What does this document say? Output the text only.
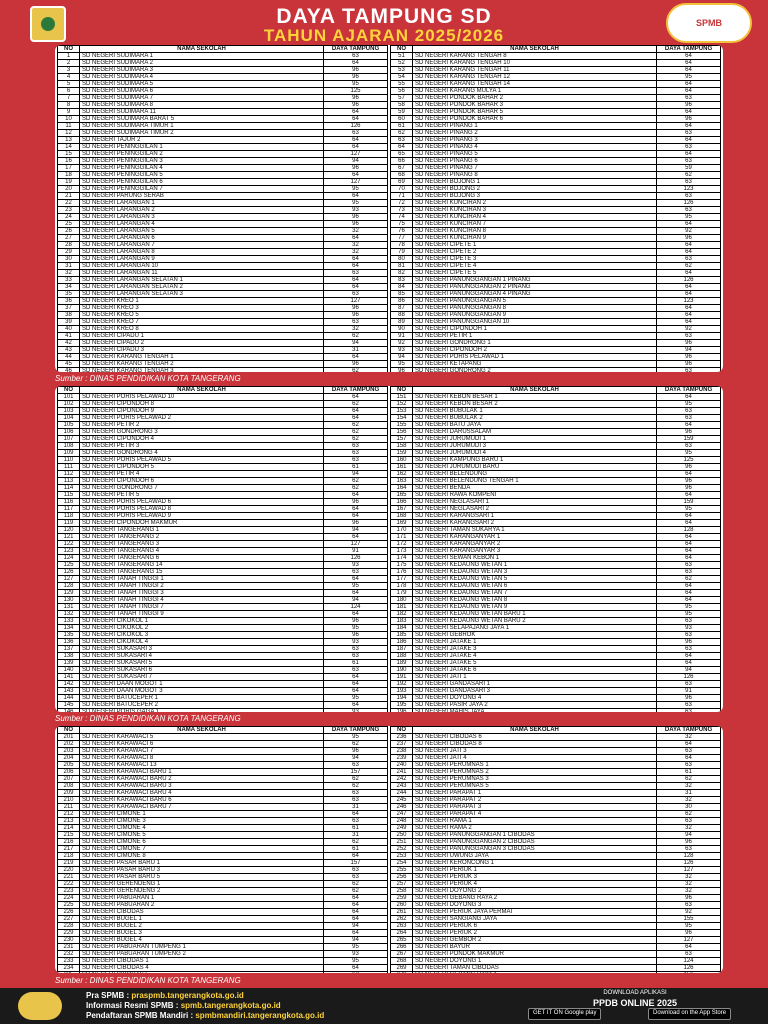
DAYA TAMPUNG SD
TAHUN AJARAN 2025/2026
SPMB
NO	NAMA SEKOLAH	DAYA TAMPUNG
1	SD NEGERI SUDIMARA 1	63
2	SD NEGERI SUDIMARA 2	64
3	SD NEGERI SUDIMARA 3	96
4	SD NEGERI SUDIMARA 4	96
5	SD NEGERI SUDIMARA 5	95
6	SD NEGERI SUDIMARA 6	125
7	SD NEGERI SUDIMARA 7	96
8	SD NEGERI SUDIMARA 8	96
9	SD NEGERI SUDIMARA 11	64
10	SD NEGERI SUDIMARA BARAT 5	64
11	SD NEGERI SUDIMARA TIMUR 1	126
12	SD NEGERI SUDIMARA TIMUR 2	63
13	SD NEGERI TAJUR 2	64
14	SD NEGERI PENINGGILAN 1	64
15	SD NEGERI PENINGGILAN 2	127
16	SD NEGERI PENINGGILAN 3	94
17	SD NEGERI PENINGGILAN 4	96
18	SD NEGERI PENINGGILAN 5	64
19	SD NEGERI PENINGGILAN 6	127
20	SD NEGERI PENINGGILAN 7	95
21	SD NEGERI PARUNG SERAB	64
22	SD NEGERI LARANGAN 1	95
23	SD NEGERI LARANGAN 2	93
24	SD NEGERI LARANGAN 3	96
25	SD NEGERI LARANGAN 4	96
26	SD NEGERI LARANGAN 5	32
27	SD NEGERI LARANGAN 6	64
28	SD NEGERI LARANGAN 7	32
29	SD NEGERI LARANGAN 8	32
30	SD NEGERI LARANGAN 9	64
31	SD NEGERI LARANGAN 10	64
32	SD NEGERI LARANGAN 11	63
33	SD NEGERI LARANGAN SELATAN 1	64
34	SD NEGERI LARANGAN SELATAN 2	64
35	SD NEGERI LARANGAN SELATAN 3	63
36	SD NEGERI KREO 1	127
37	SD NEGERI KREO 3	96
38	SD NEGERI KREO 5	96
39	SD NEGERI KREO 7	63
40	SD NEGERI KREO 8	32
41	SD NEGERI CIPADU 1	62
42	SD NEGERI CIPADU 2	94
43	SD NEGERI CIPADU 3	31
44	SD NEGERI KARANG TENGAH 1	64
45	SD NEGERI KARANG TENGAH 2	96
46	SD NEGERI KARANG TENGAH 3	62

NO	NAMA SEKOLAH	DAYA TAMPUNG
51	SD NEGERI KARANG TENGAH 8	64
52	SD NEGERI KARANG TENGAH 10	64
53	SD NEGERI KARANG TENGAH 11	64
54	SD NEGERI KARANG TENGAH 12	95
55	SD NEGERI KARANG TENGAH 14	64
56	SD NEGERI KARANG MULYA 1	64
57	SD NEGERI PONDOK BAHAR 2	63
58	SD NEGERI PONDOK BAHAR 3	96
59	SD NEGERI PONDOK BAHAR 5	64
60	SD NEGERI PONDOK BAHAR 6	96
61	SD NEGERI PINANG 1	64
62	SD NEGERI PINANG 2	63
63	SD NEGERI PINANG 3	64
64	SD NEGERI PINANG 4	63
65	SD NEGERI PINANG 5	64
66	SD NEGERI PINANG 6	63
67	SD NEGERI PINANG 7	59
68	SD NEGERI PINANG 8	62
69	SD NEGERI BOJONG 1	63
70	SD NEGERI BOJONG 2	123
71	SD NEGERI BOJONG 3	63
72	SD NEGERI KUNCIRAN 2	126
73	SD NEGERI KUNCIRAN 3	63
74	SD NEGERI KUNCIRAN 4	95
75	SD NEGERI KUNCIRAN 7	64
76	SD NEGERI KUNCIRAN 8	92
77	SD NEGERI KUNCIRAN 9	96
78	SD NEGERI CIPETE 1	64
79	SD NEGERI CIPETE 2	64
80	SD NEGERI CIPETE 3	63
81	SD NEGERI CIPETE 4	62
82	SD NEGERI CIPETE 5	64
83	SD NEGERI PANUNGGANGAN 1 PINANG	126
84	SD NEGERI PANUNGGANGAN 2 PINANG	64
85	SD NEGERI PANUNGGANGAN 4 PINANG	64
86	SD NEGERI PANUNGGANGAN 5	123
87	SD NEGERI PANUNGGANGAN 8	64
88	SD NEGERI PANUNGGANGAN 9	64
89	SD NEGERI PANUNGGANGAN 10	64
90	SD NEGERI CIPONDOH 1	92
91	SD NEGERI PETIR 1	63
92	SD NEGERI GONDRONG 1	96
93	SD NEGERI CIPONDOH 2	94
94	SD NEGERI PORIS PELAWAD 1	96
95	SD NEGERI KETAPANG	96
96	SD NEGERI GONDRONG 2	63

Sumber : DINAS PENDIDIKAN KOTA TANGERANG
NO	NAMA SEKOLAH	DAYA TAMPUNG
101	SD NEGERI PORIS PELAWAD 10	64
102	SD NEGERI CIPONDOH 8	62
103	SD NEGERI CIPONDOH 9	64
104	SD NEGERI PORIS PELAWAD 2	64
105	SD NEGERI PETIR 2	62
106	SD NEGERI GONDRONG 3	62
107	SD NEGERI CIPONDOH 4	62
108	SD NEGERI PETIR 3	63
109	SD NEGERI GONDRONG 4	63
110	SD NEGERI PORIS PELAWAD 5	63
111	SD NEGERI CIPONDOH 5	61
112	SD NEGERI PETIR 4	94
113	SD NEGERI CIPONDOH 6	62
114	SD NEGERI GONDRONG 7	62
115	SD NEGERI PETIR 5	64
116	SD NEGERI PORIS PELAWAD 6	96
117	SD NEGERI PORIS PELAWAD 8	64
118	SD NEGERI PORIS PELAWAD 9	64
119	SD NEGERI CIPONDOH MAKMUR	96
120	SD NEGERI TANGERANG 1	94
121	SD NEGERI TANGERANG 2	64
122	SD NEGERI TANGERANG 3	127
123	SD NEGERI TANGERANG 4	91
124	SD NEGERI TANGERANG 6	126
125	SD NEGERI TANGERANG 14	93
126	SD NEGERI TANGERANG 15	63
127	SD NEGERI TANAH TINGGI 1	64
128	SD NEGERI TANAH TINGGI 2	95
129	SD NEGERI TANAH TINGGI 3	64
130	SD NEGERI TANAH TINGGI 4	94
131	SD NEGERI TANAH TINGGI 7	124
132	SD NEGERI TANAH TINGGI 9	64
133	SD NEGERI CIKOKOL 1	96
134	SD NEGERI CIKOKOL 2	95
135	SD NEGERI CIKOKOL 3	96
136	SD NEGERI CIKOKOL 4	93
137	SD NEGERI SUKASARI 3	63
138	SD NEGERI SUKASARI 4	63
139	SD NEGERI SUKASARI 5	61
140	SD NEGERI SUKASARI 6	63
141	SD NEGERI SUKASARI 7	64
142	SD NEGERI DAAN MOGOT 1	64
143	SD NEGERI DAAN MOGOT 3	64
144	SD NEGERI BATUCEPER 1	95
145	SD NEGERI BATUCEPER 2	64
146	SD NEGERI PORIS GAGA 1	93

NO	NAMA SEKOLAH	DAYA TAMPUNG
151	SD NEGERI KEBON BESAR 1	64
152	SD NEGERI KEBON BESAR 2	95
153	SD NEGERI BUBULAK 1	63
154	SD NEGERI BUBULAK 2	63
155	SD NEGERI BATU JAYA	64
156	SD NEGERI DARUSSALAM	96
157	SD NEGERI JURUMUDI 1	159
158	SD NEGERI JURUMUDI 3	63
159	SD NEGERI JURUMUDI 4	95
160	SD NEGERI KAMPUNG BARU 1	125
161	SD NEGERI JURUMUDI BARU	96
162	SD NEGERI BELENDUNG	64
163	SD NEGERI BELENDUNG TENGAH 1	96
164	SD NEGERI BENDA	96
165	SD NEGERI RAWA KOMPENI	64
166	SD NEGERI NEGLASARI 1	159
167	SD NEGERI NEGLASARI 2	95
168	SD NEGERI KARANGSARI 1	64
169	SD NEGERI KARANGSARI 2	64
170	SD NEGERI TAMAN SUKARYA 1	128
171	SD NEGERI KARANGANYAR 1	64
172	SD NEGERI KARANGANYAR 2	64
173	SD NEGERI KARANGANYAR 3	64
174	SD NEGERI SEWAN KEBON 1	64
175	SD NEGERI KEDAUNG WETAN 1	63
176	SD NEGERI KEDAUNG WETAN 3	63
177	SD NEGERI KEDAUNG WETAN 5	62
178	SD NEGERI KEDAUNG WETAN 6	64
179	SD NEGERI KEDAUNG WETAN 7	64
180	SD NEGERI KEDAUNG WETAN 8	64
181	SD NEGERI KEDAUNG WETAN 9	95
182	SD NEGERI KEDAUNG WETAN BARU 1	95
183	SD NEGERI KEDAUNG WETAN BARU 2	63
184	SD NEGERI SELAPAJANG JAYA 1	93
185	SD NEGERI GEBROK	63
186	SD NEGERI JATAKE 1	96
187	SD NEGERI JATAKE 3	63
188	SD NEGERI JATAKE 4	64
189	SD NEGERI JATAKE 5	64
190	SD NEGERI JATAKE 6	94
191	SD NEGERI JATI 1	126
192	SD NEGERI GANDASARI 1	63
193	SD NEGERI GANDASARI 3	91
194	SD NEGERI DOYONG 4	96
195	SD NEGERI PASIR JAYA 2	63
196	SD NEGERI MAHIS JAYA	63

Sumber : DINAS PENDIDIKAN KOTA TANGERANG
NO	NAMA SEKOLAH	DAYA TAMPUNG
201	SD NEGERI KARAWACI 5	95
202	SD NEGERI KARAWACI 6	62
203	SD NEGERI KARAWACI 7	96
204	SD NEGERI KARAWACI 8	94
205	SD NEGERI KARAWACI 13	63
206	SD NEGERI KARAWACI BARU 1	157
207	SD NEGERI KARAWACI BARU 2	62
208	SD NEGERI KARAWACI BARU 3	62
209	SD NEGERI KARAWACI BARU 4	63
210	SD NEGERI KARAWACI BARU 6	63
211	SD NEGERI KARAWACI BARU 7	31
212	SD NEGERI CIMONE 1	64
213	SD NEGERI CIMONE 3	63
214	SD NEGERI CIMONE 4	61
215	SD NEGERI CIMONE 5	31
216	SD NEGERI CIMONE 6	62
217	SD NEGERI CIMONE 7	61
218	SD NEGERI CIMONE 8	64
219	SD NEGERI PASAR BARU 1	157
220	SD NEGERI PASAR BARU 3	63
221	SD NEGERI PASAR BARU 5	63
222	SD NEGERI GERENDENG 1	62
223	SD NEGERI GERENDENG 2	62
224	SD NEGERI PABUARAN 1	64
225	SD NEGERI PABUARAN 2	64
226	SD NEGERI CIBODAS	64
227	SD NEGERI BUGEL 1	64
228	SD NEGERI BUGEL 2	94
229	SD NEGERI BUGEL 3	64
230	SD NEGERI BUGEL 4	94
231	SD NEGERI PABUARAN TUMPENG 1	95
232	SD NEGERI PABUARAN TUMPENG 2	93
233	SD NEGERI CIBODAS 1	95
234	SD NEGERI CIBODAS 4	64

NO	NAMA SEKOLAH	DAYA TAMPUNG
236	SD NEGERI CIBODAS 6	32
237	SD NEGERI CIBODAS 8	64
238	SD NEGERI JATI 3	63
239	SD NEGERI JATI 4	64
240	SD NEGERI PERUMNAS 1	63
241	SD NEGERI PERUMNAS 2	61
242	SD NEGERI PERUMNAS 3	62
243	SD NEGERI PERUMNAS 5	32
244	SD NEGERI PARAPAT 1	31
245	SD NEGERI PARAPAT 2	32
246	SD NEGERI PARAPAT 3	30
247	SD NEGERI PARAPAT 4	62
248	SD NEGERI RAMA 1	63
249	SD NEGERI RAMA 2	32
250	SD NEGERI PANUNGGANGAN 1 CIBODAS	94
251	SD NEGERI PANUNGGANGAN 2 CIBODAS	96
252	SD NEGERI PANUNGGANGAN 3 CIBODAS	63
253	SD NEGERI UWUNG JAYA	128
254	SD NEGERI KERONCONG 1	126
255	SD NEGERI PERIUK 1	127
256	SD NEGERI PERIUK 3	32
257	SD NEGERI PERIUK 4	32
258	SD NEGERI DOYONG 2	32
259	SD NEGERI GEBANG RAYA 2	96
260	SD NEGERI DOYONG 3	63
261	SD NEGERI PERIUK JAYA PERMAI	92
262	SD NEGERI SANGIANG JAYA	155
263	SD NEGERI PERIUK 6	95
264	SD NEGERI PERIUK 2	96
265	SD NEGERI GEMBOR 2	127
266	SD NEGERI BAYUR	64
267	SD NEGERI PONDOK MAKMUR	63
268	SD NEGERI DOYONG 1	124
269	SD NEGERI TAMAN CIBODAS	126

Sumber : DINAS PENDIDIKAN KOTA TANGERANG
Pra SPMB : praspmb.tangerangkota.go.id
Informasi Resmi SPMB : spmb.tangerangkota.go.id
Pendaftaran SPMB Mandiri : spmbmandiri.tangerangkota.go.id
DOWNLOAD APLIKASI
PPDB ONLINE 2025
GET IT ON Google play	Download on the App Store
